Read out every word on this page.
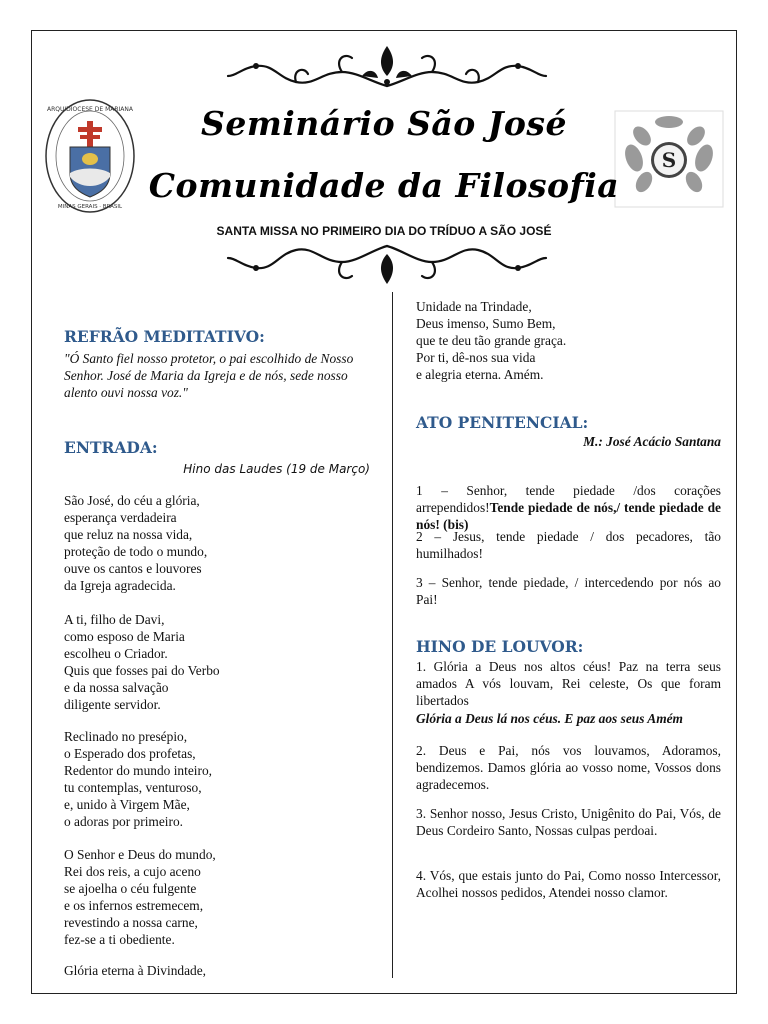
ARQUIDIOCESE DE MARIANA
MINAS GERAIS · BRASIL
S
Seminário São José
Comunidade da Filosofia
SANTA MISSA NO PRIMEIRO DIA DO TRÍDUO A SÃO JOSÉ
REFRÃO MEDITATIVO:

"Ó Santo fiel nosso protetor, o pai escolhido de Nosso Senhor. José de Maria da Igreja e de nós, sede nosso alento ouvi nossa voz."

ENTRADA:

Hino das Laudes (19 de Março)

São José, do céu a glória,
esperança verdadeira
que reluz na nossa vida,
proteção de todo o mundo,
ouve os cantos e louvores
da Igreja agradecida.

A ti, filho de Davi,
como esposo de Maria
escolheu o Criador.
Quis que fosses pai do Verbo
e da nossa salvação
diligente servidor.

Reclinado no presépio,
o Esperado dos profetas,
Redentor do mundo inteiro,
tu contemplas, venturoso,
e, unido à Virgem Mãe,
o adoras por primeiro.

O Senhor e Deus do mundo,
Rei dos reis, a cujo aceno
se ajoelha o céu fulgente
e os infernos estremecem,
revestindo a nossa carne,
fez-se a ti obediente.

Glória eterna à Divindade,

Unidade na Trindade,
Deus imenso, Sumo Bem,
que te deu tão grande graça.
Por ti, dê-nos sua vida
e alegria eterna. Amém.

ATO PENITENCIAL:

M.: José Acácio Santana

1 – Senhor, tende piedade /dos corações arrependidos!Tende piedade de nós,/ tende piedade de nós! (bis)

2 – Jesus, tende piedade / dos pecadores, tão humilhados!

3 – Senhor, tende piedade, / intercedendo por nós ao Pai!

HINO DE LOUVOR:

1. Glória a Deus nos altos céus! Paz na terra seus amados A vós louvam, Rei celeste, Os que foram libertados

Glória a Deus lá nos céus. E paz aos seus Amém

2. Deus e Pai, nós vos louvamos, Adoramos, bendizemos. Damos glória ao vosso nome, Vossos dons agradecemos.

3. Senhor nosso, Jesus Cristo, Unigênito do Pai, Vós, de Deus Cordeiro Santo, Nossas culpas perdoai.

4. Vós, que estais junto do Pai, Como nosso Intercessor, Acolhei nossos pedidos, Atendei nosso clamor.
